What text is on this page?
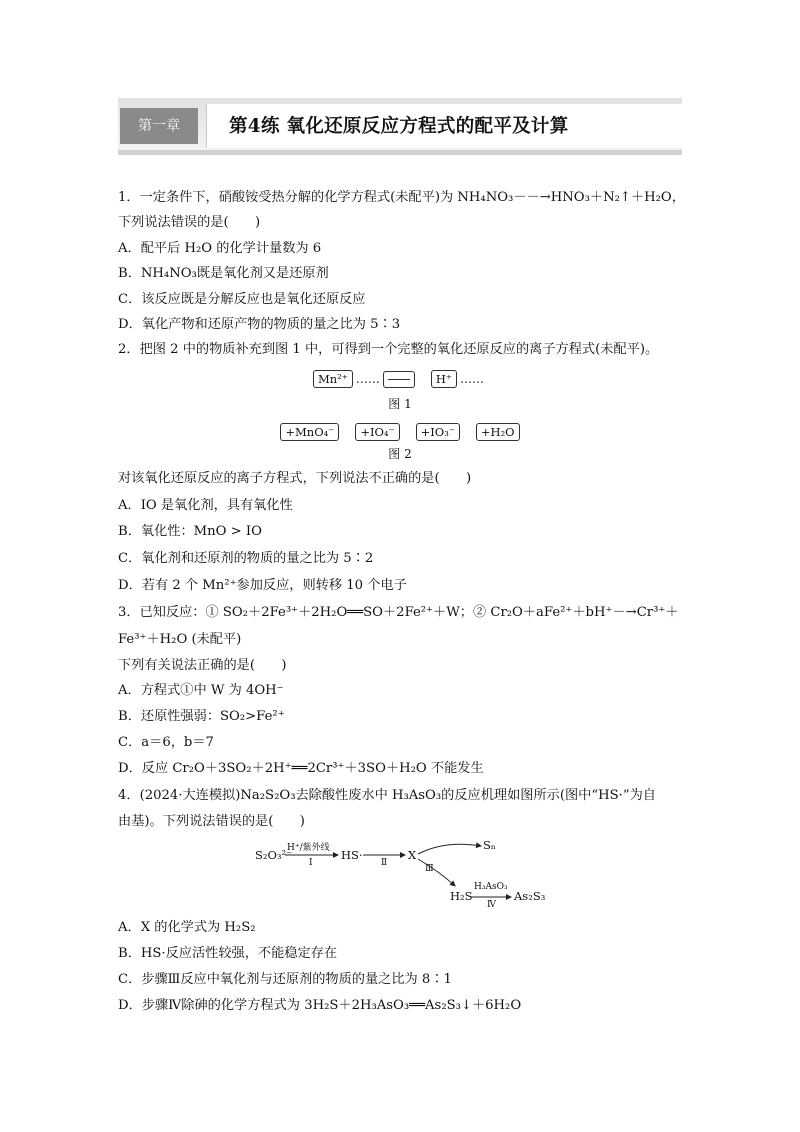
第一章	第4练 氧化还原反应方程式的配平及计算
1．一定条件下，硝酸铵受热分解的化学方程式(未配平)为 NH₄NO₃－－→HNO₃＋N₂↑＋H₂O，
下列说法错误的是(　　)
A．配平后 H₂O 的化学计量数为 6
B．NH₄NO₃既是氧化剂又是还原剂
C．该反应既是分解反应也是氧化还原反应
D．氧化产物和还原产物的物质的量之比为 5∶3
2．把图 2 中的物质补充到图 1 中，可得到一个完整的氧化还原反应的离子方程式(未配平)。
Mn²⁺ ……	H⁺ ……
图 1
+MnO₄⁻ +IO₄⁻ +IO₃⁻ +H₂O
图 2
对该氧化还原反应的离子方程式，下列说法不正确的是(　　)
A．IO 是氧化剂，具有氧化性
B．氧化性：MnO > IO
C．氧化剂和还原剂的物质的量之比为 5∶2
D．若有 2 个 Mn²⁺参加反应，则转移 10 个电子
3．已知反应：① SO₂＋2Fe³⁺＋2H₂O══SO＋2Fe²⁺＋W；② Cr₂O＋aFe²⁺＋bH⁺－→Cr³⁺＋
Fe³⁺＋H₂O (未配平)
下列有关说法正确的是(　　)
A．方程式①中 W 为 4OH⁻
B．还原性强弱：SO₂>Fe²⁺
C．a＝6，b＝7
D．反应 Cr₂O＋3SO₂＋2H⁺══2Cr³⁺＋3SO＋H₂O 不能发生
4．(2024·大连模拟)Na₂S₂O₃去除酸性废水中 H₃AsO₃的反应机理如图所示(图中“HS·”为自
由基)。下列说法错误的是(　　)
S₂O₃²⁻
H⁺/紫外线
Ⅰ
HS·
Ⅱ
X
Ⅲ
Sₙ
H₂S
H₃AsO₃
Ⅳ
As₂S₃
A．X 的化学式为 H₂S₂
B．HS·反应活性较强，不能稳定存在
C．步骤Ⅲ反应中氧化剂与还原剂的物质的量之比为 8∶1
D．步骤Ⅳ除砷的化学方程式为 3H₂S＋2H₃AsO₃══As₂S₃↓＋6H₂O
